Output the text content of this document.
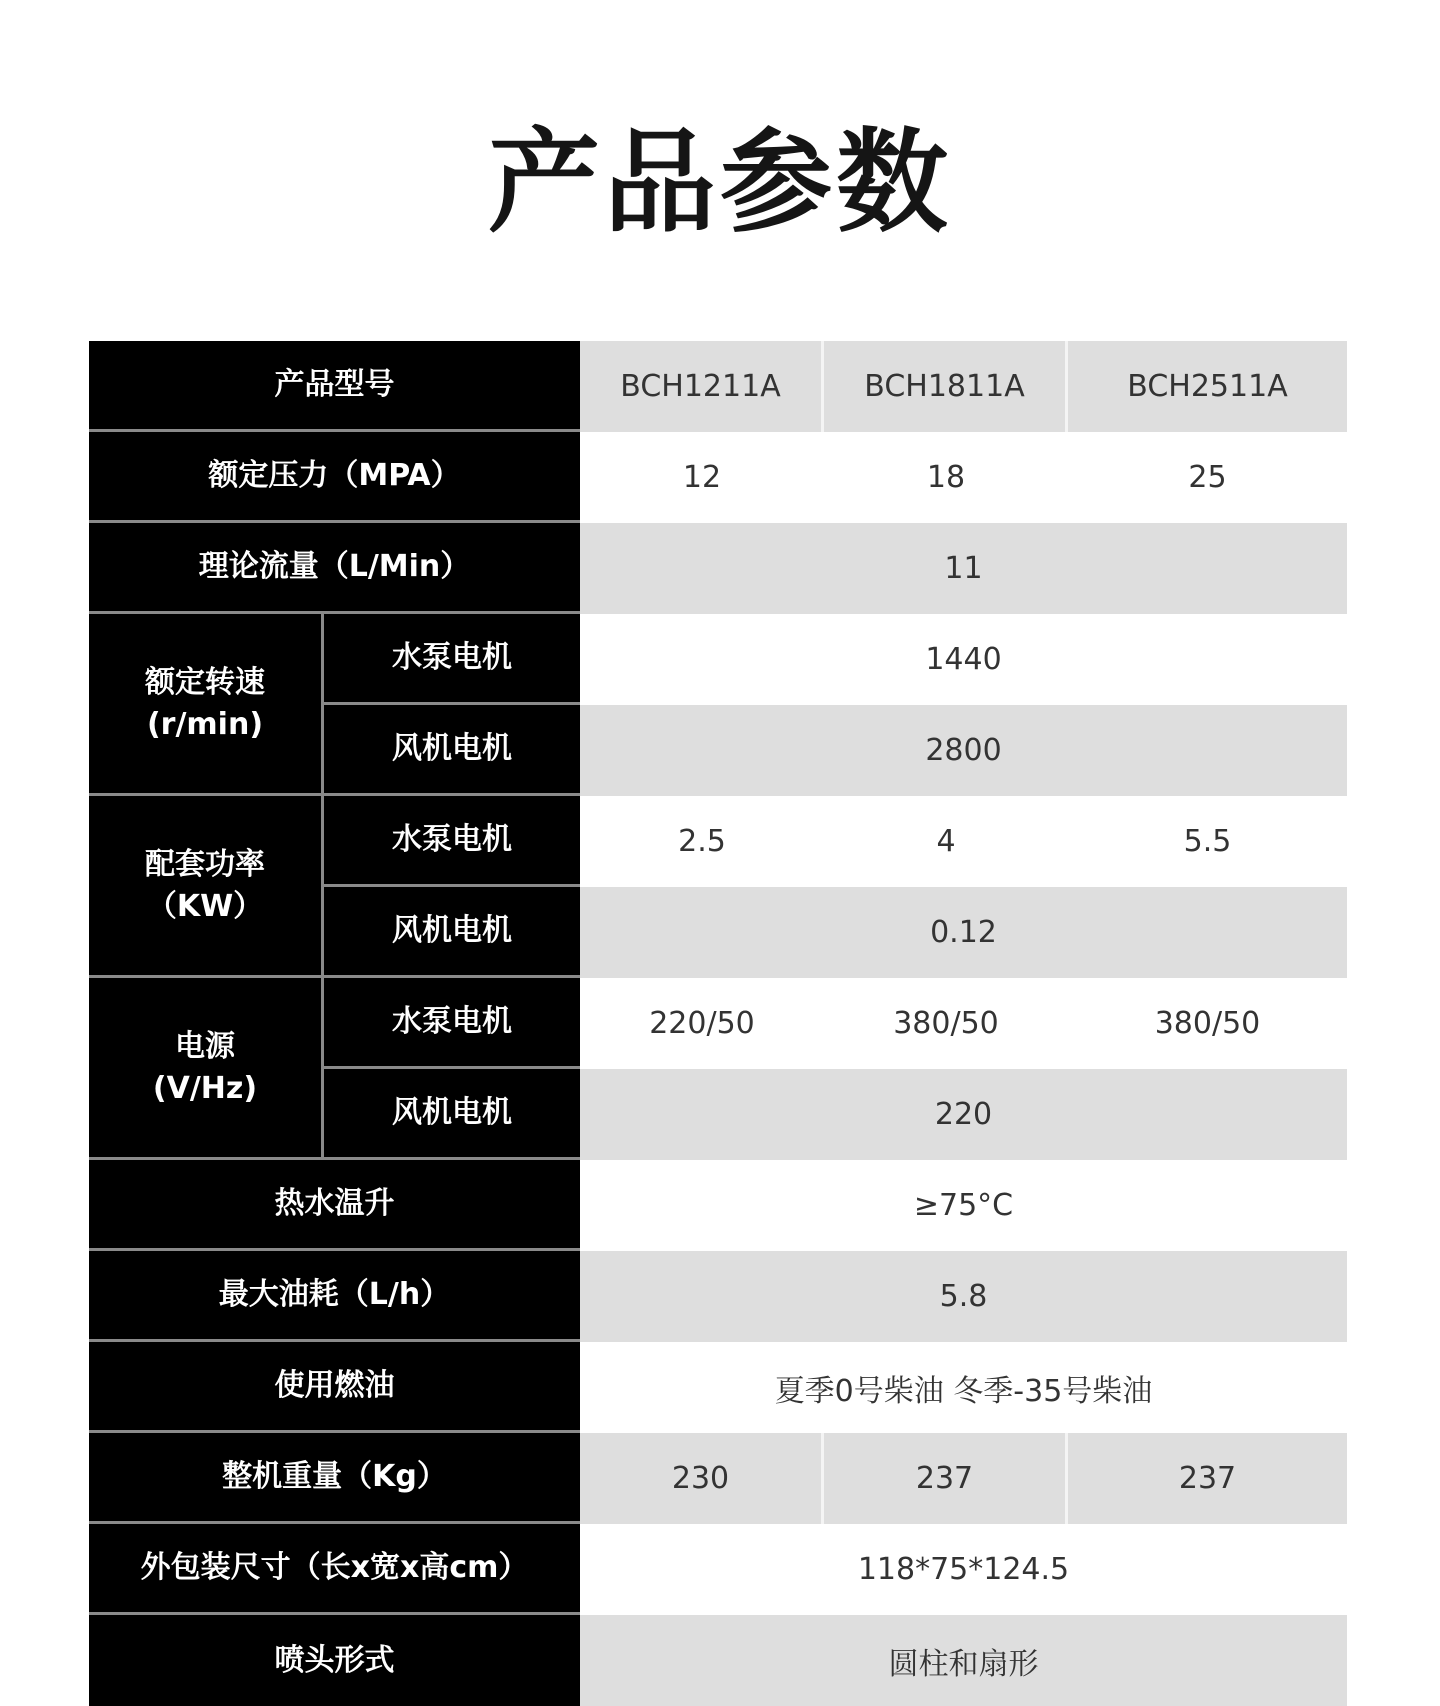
产品参数
产品型号	BCH1211A	BCH1811A	BCH2511A
额定压力（MPA）	12	18	25
理论流量（L/Min）	11
额定转速
(r/min)
水泵电机	1440
风机电机	2800
配套功率
（KW）
水泵电机	2.5	4	5.5
风机电机	0.12
电源
(V/Hz)
水泵电机	220/50	380/50	380/50
风机电机	220
热水温升	≥75°C
最大油耗（L/h）	5.8
使用燃油	夏季0号柴油 冬季-35号柴油
整机重量（Kg）	230	237	237
外包装尺寸（长x宽x高cm）	118*75*124.5
喷头形式	圆柱和扇形
